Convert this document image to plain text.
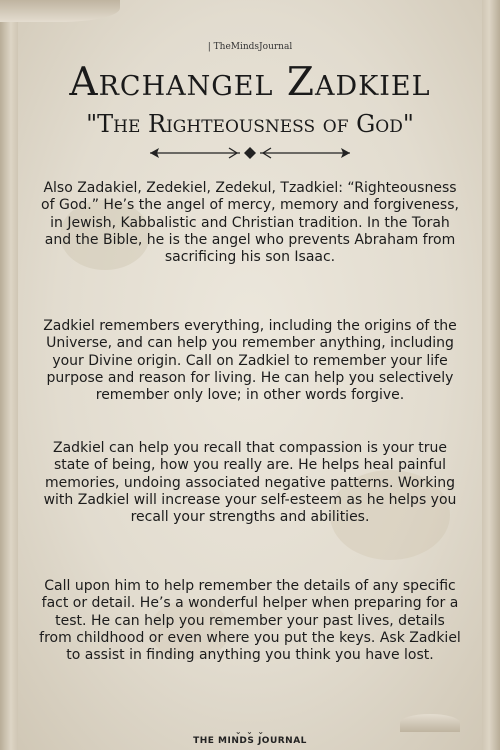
| TheMindsJournal
Archangel Zadkiel
"The Righteousness of God"
Also Zadakiel, Zedekiel, Zedekul, Tzadkiel: “Righteousness of God.” He’s the angel of mercy, memory and forgiveness, in Jewish, Kabbalistic and Christian tradition. In the Torah and the Bible, he is the angel who prevents Abraham from sacrificing his son Isaac.
Zadkiel remembers everything, including the origins of the Universe, and can help you remember anything, including your Divine origin. Call on Zadkiel to remember your life purpose and reason for living. He can help you selectively remember only love; in other words forgive.
Zadkiel can help you recall that compassion is your true state of being, how you really are. He helps heal painful memories, undoing associated negative patterns. Working with Zadkiel will increase your self-esteem as he helps you recall your strengths and abilities.
Call upon him to help remember the details of any specific fact or detail. He’s a wonderful helper when preparing for a test. He can help you remember your past lives, details from childhood or even where you put the keys. Ask Zadkiel to assist in finding anything you think you have lost.
⌄ ⌄ ⌄
THE MINDS JOURNAL
